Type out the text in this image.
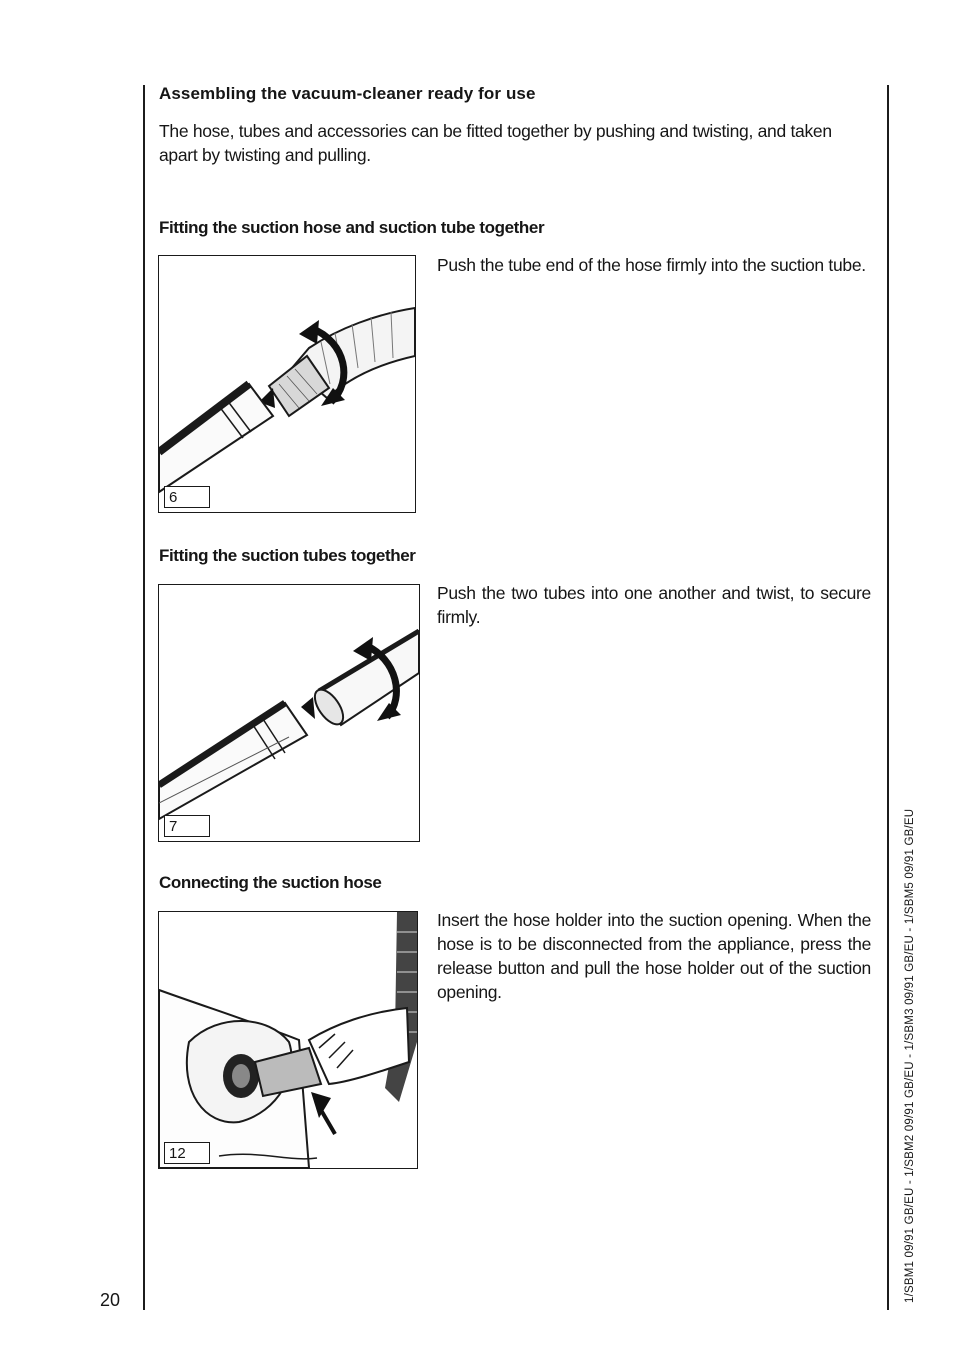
Assembling the vacuum-cleaner ready for use
The hose, tubes and accessories can be fitted together by pushing and twisting, and taken apart by twisting and pulling.
Fitting the suction hose and suction tube together
6
Push the tube end of the hose firmly into the suction tube.
Fitting the suction tubes together
7
Push the two tubes into one another and twist, to secure firmly.
Connecting the suction hose
12
Insert the hose holder into the suction opening. When the hose is to be disconnected from the appliance, press the release button and pull the hose holder out of the suction opening.
20	1/SBM1 09/91 GB/EU - 1/SBM2 09/91 GB/EU - 1/SBM3 09/91 GB/EU - 1/SBM5 09/91 GB/EU
